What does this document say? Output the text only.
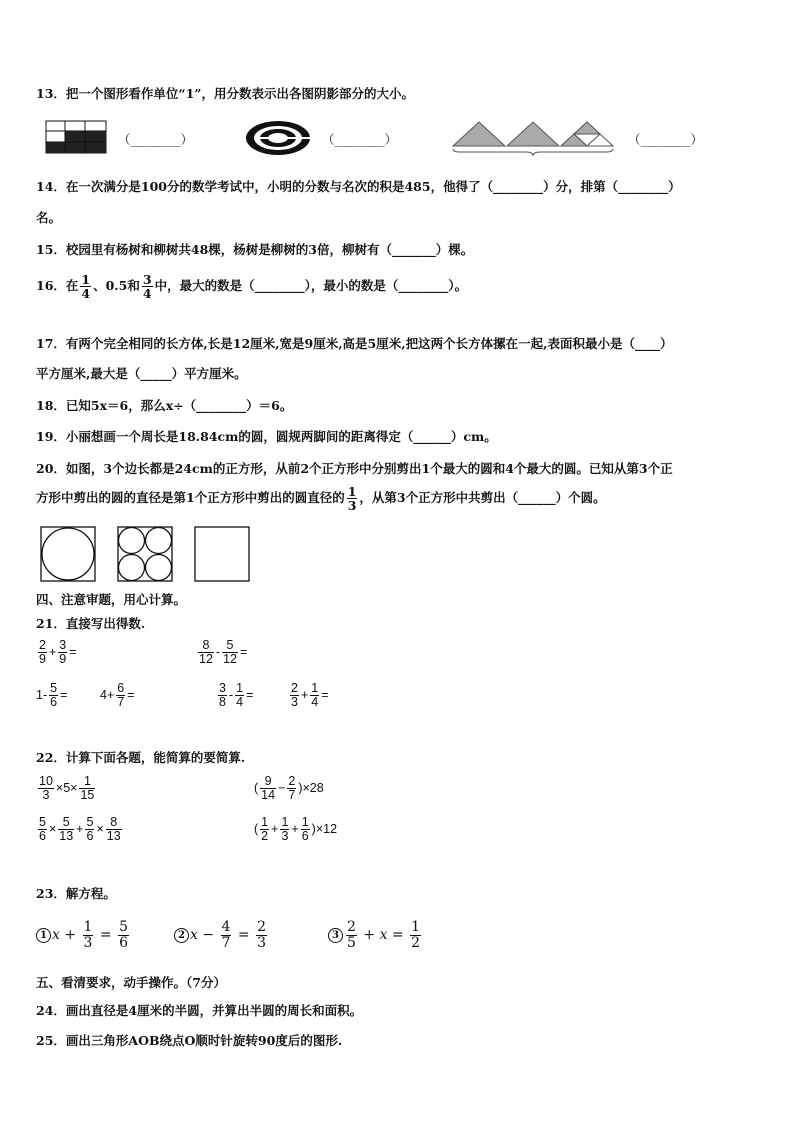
13．把一个图形看作单位“1”，用分数表示出各图阴影部分的大小。
（________）	（________）	（________）
14．在一次满分是100分的数学考试中，小明的分数与名次的积是485，他得了（________）分，排第（________）
名。
15．校园里有杨树和柳树共48棵，杨树是柳树的3倍，柳树有（_______）棵。
16．在 $\frac{1}{4}$ 、0.5和 $\frac{3}{4}$ 中，最大的数是（________），最小的数是（________）。
17．有两个完全相同的长方体,长是12厘米,宽是9厘米,高是5厘米,把这两个长方体摞在一起,表面积最小是（____）
平方厘米,最大是（_____）平方厘米。
18．已知5x＝6，那么x÷（________）＝6。
19．小丽想画一个周长是18.84cm的圆，圆规两脚间的距离得定（______）cm。
20．如图，3个边长都是24cm的正方形，从前2个正方形中分别剪出1个最大的圆和4个最大的圆。已知从第3个正
方形中剪出的圆的直径是第1个正方形中剪出的圆直径的 $\frac{1}{3}$ ，从第3个正方形中共剪出（______）个圆。
四、注意审题，用心计算。
21．直接写出得数.
$\frac{2}{9} + \frac{3}{9}$ =	$\frac{8}{12} - \frac{5}{12}$ =
$1- \frac{5}{6}$ =	$4+ \frac{6}{7}$ =	$\frac{3}{8} - \frac{1}{4}$ =	$\frac{2}{3} + \frac{1}{4}$ =
22．计算下面各题，能简算的要简算.
$\frac{10}{3} \times 5\times \frac{1}{15}$	( $\frac{9}{14} - \frac{2}{7} )\times 28$
$\frac{5}{6} \times \frac{5}{13} + \frac{5}{6} \times \frac{8}{13}$	( $\frac{1}{2} + \frac{1}{3} + \frac{1}{6} )\times 12$
23．解方程。
1 $x + \frac{1}{3} = \frac{5}{6}$	2 $x - \frac{4}{7} = \frac{2}{3}$	$3 \frac{2}{5} + x = \frac{1}{2}$
五、看清要求，动手操作。（7分）
24．画出直径是4厘米的半圆，并算出半圆的周长和面积。
25．画出三角形AOB绕点O顺时针旋转90度后的图形.
